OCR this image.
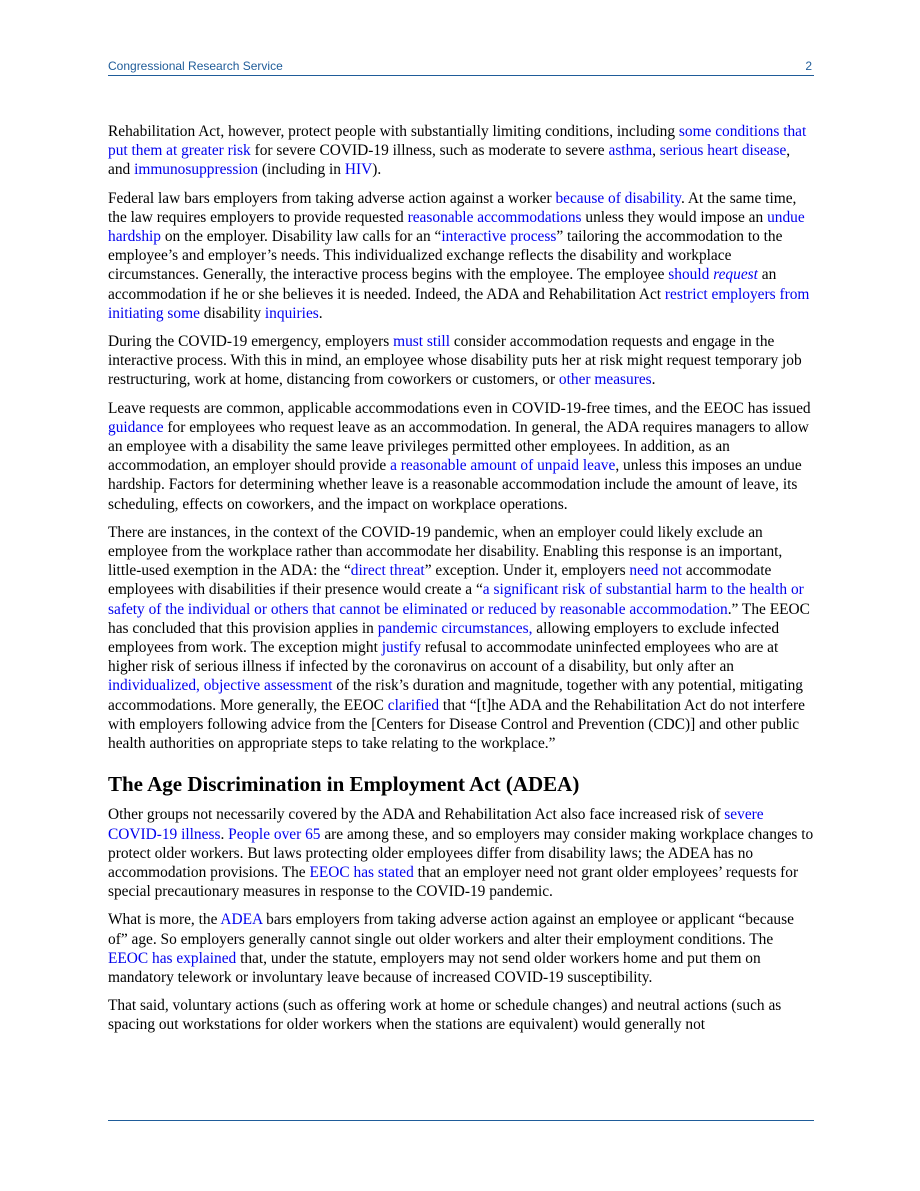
Congressional Research Service	2

Rehabilitation Act, however, protect people with substantially limiting conditions, including some conditions that put them at greater risk for severe COVID-19 illness, such as moderate to severe asthma, serious heart disease, and immunosuppression (including in HIV).

Federal law bars employers from taking adverse action against a worker because of disability. At the same time, the law requires employers to provide requested reasonable accommodations unless they would impose an undue hardship on the employer. Disability law calls for an “interactive process” tailoring the accommodation to the employee’s and employer’s needs. This individualized exchange reflects the disability and workplace circumstances. Generally, the interactive process begins with the employee. The employee should request an accommodation if he or she believes it is needed. Indeed, the ADA and Rehabilitation Act restrict employers from initiating some disability inquiries.

During the COVID-19 emergency, employers must still consider accommodation requests and engage in the interactive process. With this in mind, an employee whose disability puts her at risk might request temporary job restructuring, work at home, distancing from coworkers or customers, or other measures.

Leave requests are common, applicable accommodations even in COVID-19-free times, and the EEOC has issued guidance for employees who request leave as an accommodation. In general, the ADA requires managers to allow an employee with a disability the same leave privileges permitted other employees. In addition, as an accommodation, an employer should provide a reasonable amount of unpaid leave, unless this imposes an undue hardship. Factors for determining whether leave is a reasonable accommodation include the amount of leave, its scheduling, effects on coworkers, and the impact on workplace operations.

There are instances, in the context of the COVID-19 pandemic, when an employer could likely exclude an employee from the workplace rather than accommodate her disability. Enabling this response is an important, little-used exemption in the ADA: the “direct threat” exception. Under it, employers need not accommodate employees with disabilities if their presence would create a “a significant risk of substantial harm to the health or safety of the individual or others that cannot be eliminated or reduced by reasonable accommodation.” The EEOC has concluded that this provision applies in pandemic circumstances, allowing employers to exclude infected employees from work. The exception might justify refusal to accommodate uninfected employees who are at higher risk of serious illness if infected by the coronavirus on account of a disability, but only after an individualized, objective assessment of the risk’s duration and magnitude, together with any potential, mitigating accommodations. More generally, the EEOC clarified that “[t]he ADA and the Rehabilitation Act do not interfere with employers following advice from the [Centers for Disease Control and Prevention (CDC)] and other public health authorities on appropriate steps to take relating to the workplace.”

The Age Discrimination in Employment Act (ADEA)

Other groups not necessarily covered by the ADA and Rehabilitation Act also face increased risk of severe COVID-19 illness. People over 65 are among these, and so employers may consider making workplace changes to protect older workers. But laws protecting older employees differ from disability laws; the ADEA has no accommodation provisions. The EEOC has stated that an employer need not grant older employees’ requests for special precautionary measures in response to the COVID-19 pandemic.

What is more, the ADEA bars employers from taking adverse action against an employee or applicant “because of” age. So employers generally cannot single out older workers and alter their employment conditions. The EEOC has explained that, under the statute, employers may not send older workers home and put them on mandatory telework or involuntary leave because of increased COVID-19 susceptibility.

That said, voluntary actions (such as offering work at home or schedule changes) and neutral actions (such as spacing out workstations for older workers when the stations are equivalent) would generally not
